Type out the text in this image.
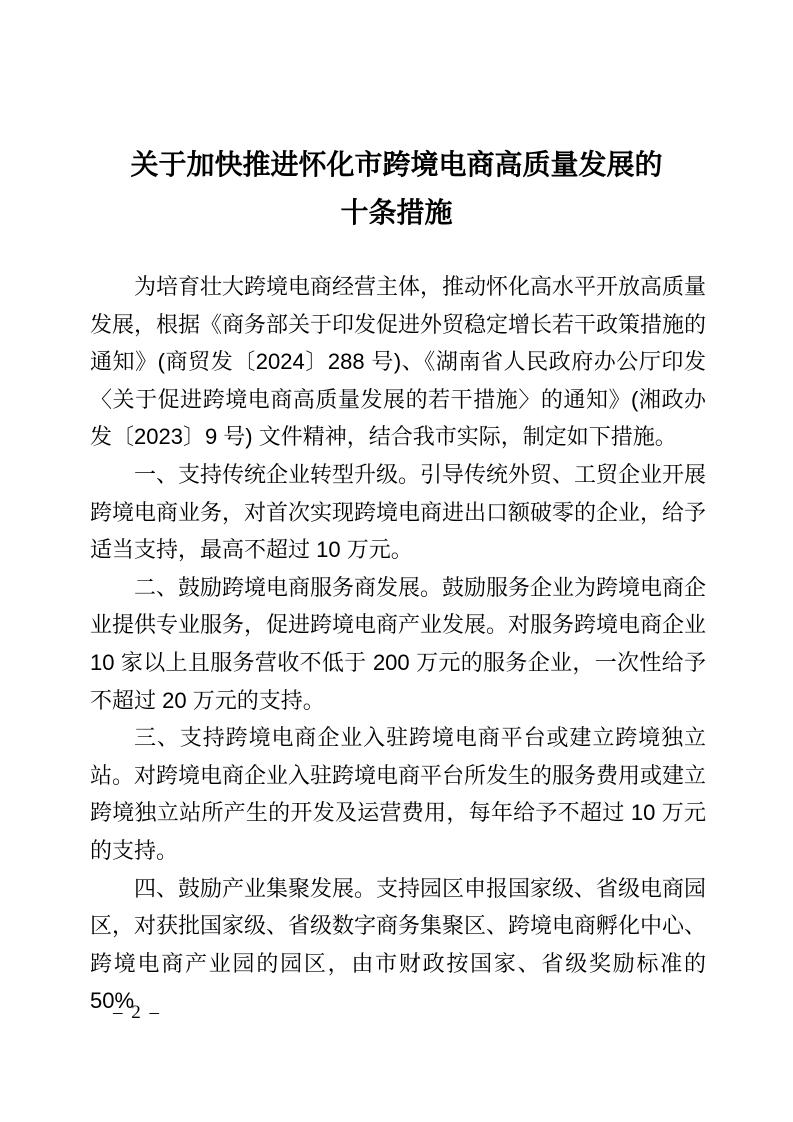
关于加快推进怀化市跨境电商高质量发展的
十条措施

为培育壮大跨境电商经营主体，推动怀化高水平开放高质量发展，根据《商务部关于印发促进外贸稳定增长若干政策措施的通知》(商贸发〔2024〕288 号)、《湖南省人民政府办公厅印发〈关于促进跨境电商高质量发展的若干措施〉的通知》(湘政办发〔2023〕9 号) 文件精神，结合我市实际，制定如下措施。

一、支持传统企业转型升级。引导传统外贸、工贸企业开展跨境电商业务，对首次实现跨境电商进出口额破零的企业，给予适当支持，最高不超过 10 万元。

二、鼓励跨境电商服务商发展。鼓励服务企业为跨境电商企业提供专业服务，促进跨境电商产业发展。对服务跨境电商企业 10 家以上且服务营收不低于 200 万元的服务企业，一次性给予不超过 20 万元的支持。

三、支持跨境电商企业入驻跨境电商平台或建立跨境独立站。对跨境电商企业入驻跨境电商平台所发生的服务费用或建立跨境独立站所产生的开发及运营费用，每年给予不超过 10 万元的支持。

四、鼓励产业集聚发展。支持园区申报国家级、省级电商园区，对获批国家级、省级数字商务集聚区、跨境电商孵化中心、跨境电商产业园的园区，由市财政按国家、省级奖励标准的 50%

– 2 –
